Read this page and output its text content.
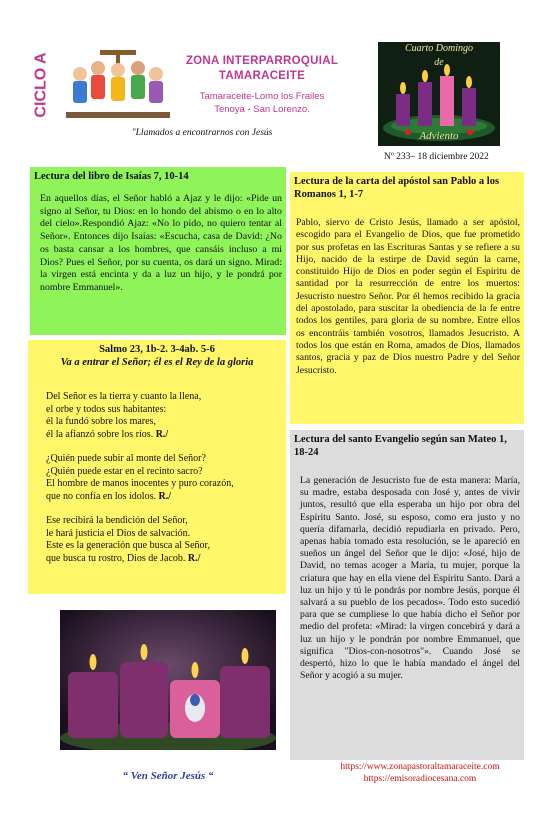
CICLO A	ZONA INTERPARROQUIAL
TAMARACEITE
Tamaraceite-Lomo los Frailes
Tenoya - San Lorenzo.
"Llamados a encontrarnos con Jesús
Cuarto Domingo
de
Adviento
Nº 233– 18 diciembre 2022
Lectura del libro de Isaías 7, 10-14
En aquellos días, el Señor habló a Ajaz y le dijo: «Pide un signo al Señor, tu Dios: en lo hondo del abismo o en lo alto del cielo».Respondió Ajaz: «No lo pido, no quiero tentar al Señor». Entonces dijo Isaías: «Escucha, casa de David: ¿No os basta cansar a los hombres, que cansáis incluso a mi Dios? Pues el Señor, por su cuenta, os dará un signo. Mirad: la virgen está encinta y da a luz un hijo, y le pondrá por nombre Emmanuel».
Salmo 23, 1b-2. 3-4ab. 5-6
Va a entrar el Señor; él es el Rey de la gloria
Del Señor es la tierra y cuanto la llena,
el orbe y todos sus habitantes:
él la fundó sobre los mares,
él la afianzó sobre los ríos. R./
¿Quién puede subir al monte del Señor?
¿Quién puede estar en el recinto sacro?
El hombre de manos inocentes y puro corazón,
que no confía en los ídolos. R./
Ese recibirá la bendición del Señor,
le hará justicia el Dios de salvación.
Este es la generación que busca al Señor,
que busca tu rostro, Dios de Jacob. R./
Lectura de la carta del apóstol san Pablo a los Romanos 1, 1-7
Pablo, siervo de Cristo Jesús, llamado a ser apóstol, escogido para el Evangelio de Dios, que fue prometido por sus profetas en las Escrituras Santas y se refiere a su Hijo, nacido de la estirpe de David según la carne, constituido Hijo de Dios en poder según el Espíritu de santidad por la resurrección de entre los muertos: Jesucristo nuestro Señor. Por él hemos recibido la gracia del apostolado, para suscitar la obediencia de la fe entre todos los gentiles, para gloria de su nombre. Entre ellos os encontráis también vosotros, llamados Jesucristo. A todos los que están en Roma, amados de Dios, llamados santos, gracia y paz de Dios nuestro Padre y del Señor Jesucristo.
Lectura del santo Evangelio según san Mateo 1, 18-24
La generación de Jesucristo fue de esta manera: María, su madre, estaba desposada con José y, antes de vivir juntos, resultó que ella esperaba un hijo por obra del Espíritu Santo. José, su esposo, como era justo y no quería difamarla, decidió repudiarla en privado. Pero, apenas había tomado esta resolución, se le apareció en sueños un ángel del Señor que le dijo: «José, hijo de David, no temas acoger a María, tu mujer, porque la criatura que hay en ella viene del Espíritu Santo. Dará a luz un hijo y tú le pondrás por nombre Jesús, porque él salvará a su pueblo de los pecados». Todo esto sucedió para que se cumpliese lo que había dicho el Señor por medio del profeta: «Mirad: la virgen concebirá y dará a luz un hijo y le pondrán por nombre Emmanuel, que significa "Dios-con-nosotros"». Cuando José se despertó, hizo lo que le había mandado el ángel del Señor y acogió a su mujer.
“ Ven Señor Jesús “
https://www.zonapastoraltamaraceite.com
https://emisoradiocesana.com
